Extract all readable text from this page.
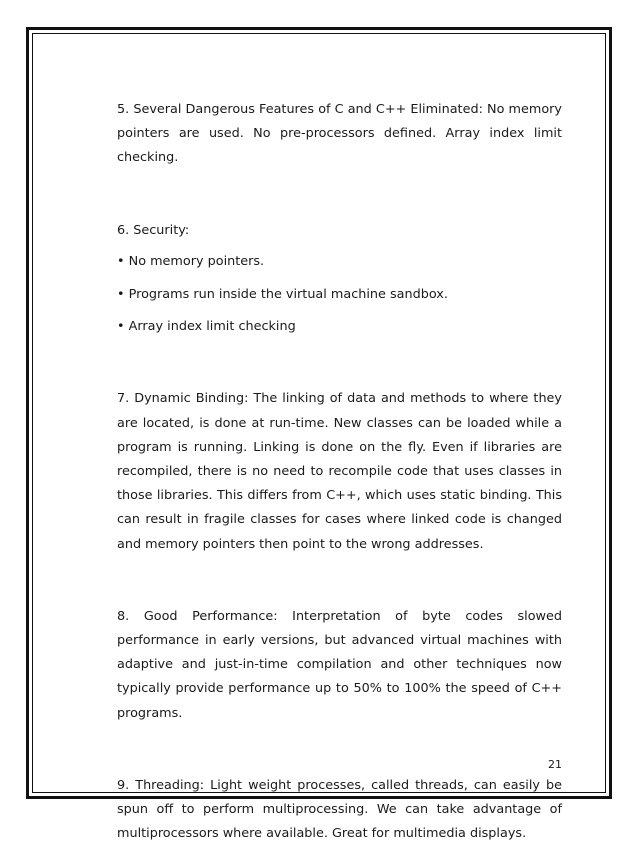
5. Several Dangerous Features of C and C++ Eliminated: No memory pointers are used. No pre-processors defined. Array index limit checking.

6. Security:

• No memory pointers.

• Programs run inside the virtual machine sandbox.

• Array index limit checking

7. Dynamic Binding: The linking of data and methods to where they are located, is done at run-time. New classes can be loaded while a program is running. Linking is done on the fly. Even if libraries are recompiled, there is no need to recompile code that uses classes in those libraries. This differs from C++, which uses static binding. This can result in fragile classes for cases where linked code is changed and memory pointers then point to the wrong addresses.

8. Good Performance: Interpretation of byte codes slowed performance in early versions, but advanced virtual machines with adaptive and just-in-time compilation and other techniques now typically provide performance up to 50% to 100% the speed of C++ programs.

9. Threading: Light weight processes, called threads, can easily be spun off to perform multiprocessing. We can take advantage of multiprocessors where available. Great for multimedia displays.

21
